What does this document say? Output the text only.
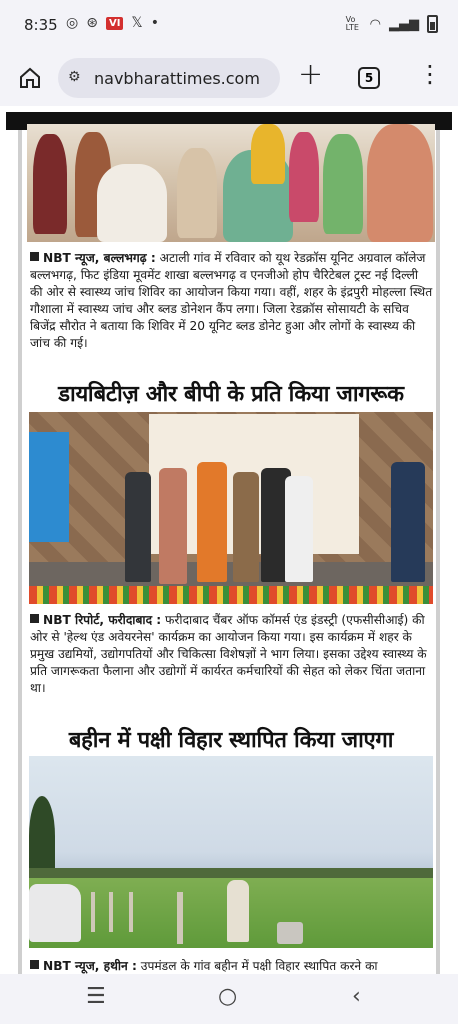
8:35 ◎ ⊛	VI 𝕏 •	Vo LTE ◠ ▂▄▆
⚙ navbharattimes.com +	5 ⋮
NBT न्यूज, बल्लभगढ़ : अटाली गांव में रविवार को यूथ रेडक्रॉस यूनिट अग्रवाल कॉलेज बल्लभगढ़, फिट इंडिया मूवमेंट शाखा बल्लभगढ़ व एनजीओ होप चैरिटेबल ट्रस्ट नई दिल्ली की ओर से स्वास्थ्य जांच शिविर का आयोजन किया गया। वहीं, शहर के इंद्रपुरी मोहल्ला स्थित गौशाला में स्वास्थ्य जांच और ब्लड डोनेशन कैंप लगा। जिला रेडक्रॉस सोसायटी के सचिव बिजेंद्र सौरोत ने बताया कि शिविर में 20 यूनिट ब्लड डोनेट हुआ और लोगों के स्वास्थ्य की जांच की गई।
डायबिटीज़ और बीपी के प्रति किया जागरूक
NBT रिपोर्ट, फरीदाबाद : फरीदाबाद चैंबर ऑफ कॉमर्स एंड इंडस्ट्री (एफसीसीआई) की ओर से 'हेल्थ एंड अवेयरनेस' कार्यक्रम का आयोजन किया गया। इस कार्यक्रम में शहर के प्रमुख उद्यमियों, उद्योगपतियों और चिकित्सा विशेषज्ञों ने भाग लिया। इसका उद्देश्य स्वास्थ्य के प्रति जागरूकता फैलाना और उद्योगों में कार्यरत कर्मचारियों की सेहत को लेकर चिंता जताना था।
बहीन में पक्षी विहार स्थापित किया जाएगा
NBT न्यूज, हथीन : उपमंडल के गांव बहीन में पक्षी विहार स्थापित करने का
☰	○	‹
